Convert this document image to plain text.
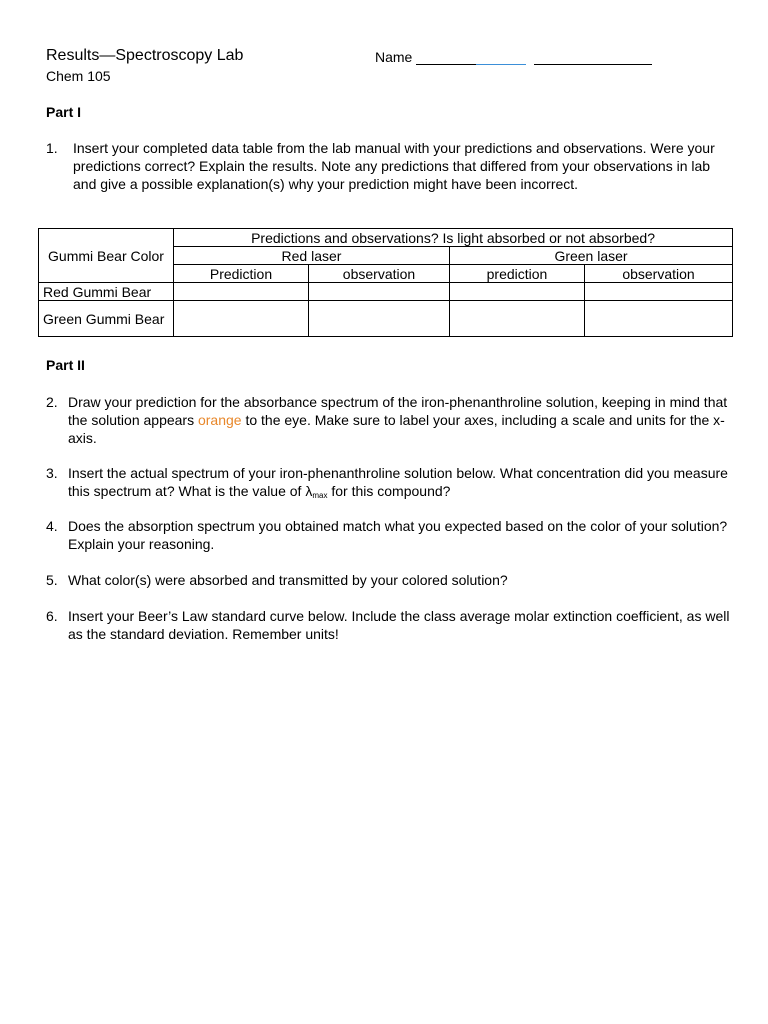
Results—Spectroscopy Lab
Chem 105
Name
Part I
1.	Insert your completed data table from the lab manual with your predictions and observations. Were your predictions correct? Explain the results. Note any predictions that differed from your observations in lab and give a possible explanation(s) why your prediction might have been incorrect.
Gummi Bear Color	Predictions and observations? Is light absorbed or not absorbed?			
	Red laser		Green laser	
	Prediction	observation	prediction	observation
Red Gummi Bear				
Green Gummi Bear				
Part II
2. Draw your prediction for the absorbance spectrum of the iron-phenanthroline solution, keeping in mind that the solution appears orange to the eye. Make sure to label your axes, including a scale and units for the x-axis.
3. Insert the actual spectrum of your iron-phenanthroline solution below. What concentration did you measure this spectrum at? What is the value of $\lambda_{max}$ for this compound?
4. Does the absorption spectrum you obtained match what you expected based on the color of your solution? Explain your reasoning.
5. What color(s) were absorbed and transmitted by your colored solution?
6. Insert your Beer’s Law standard curve below. Include the class average molar extinction coefficient, as well as the standard deviation. Remember units!
